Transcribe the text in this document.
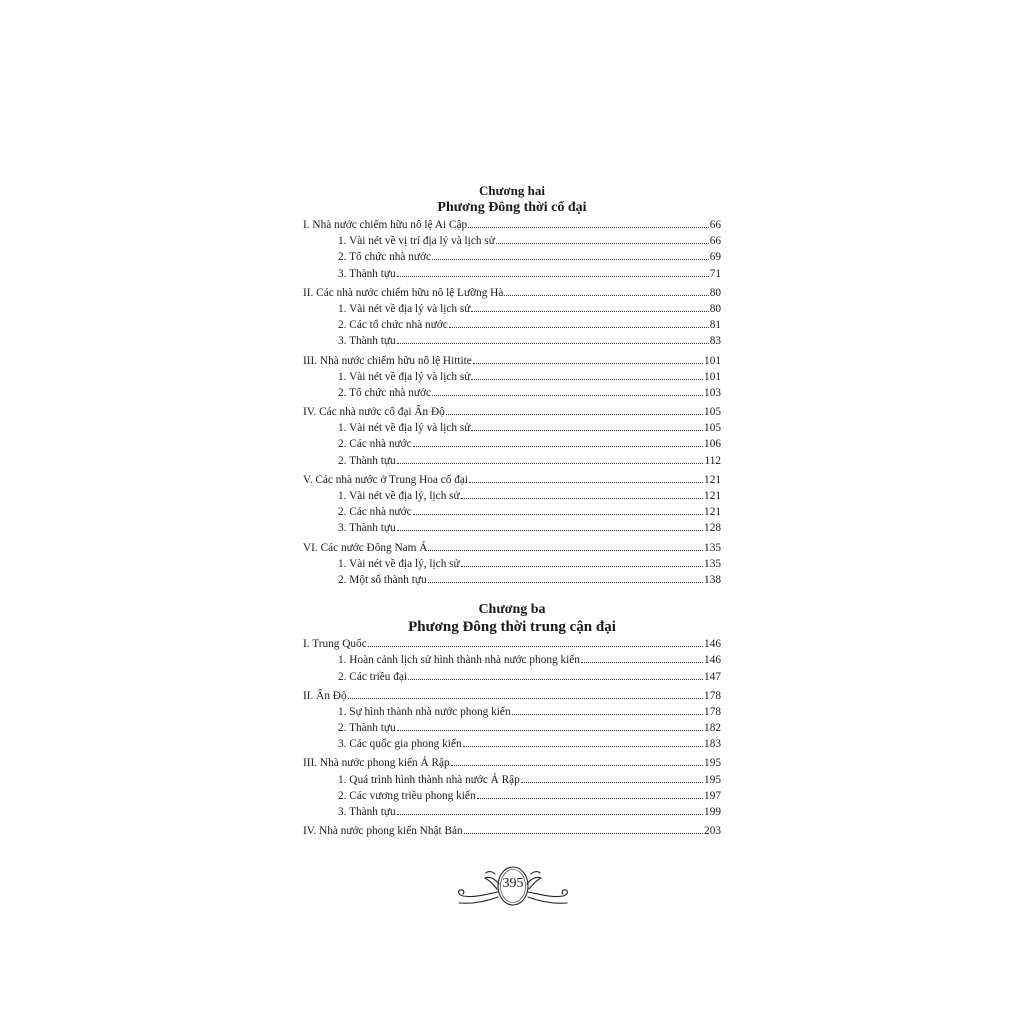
Chương hai
Phương Đông thời cổ đại
I. Nhà nước chiếm hữu nô lệ Ai Cập	66
1. Vài nét về vị trí địa lý và lịch sử	66
2. Tổ chức nhà nước	69
3. Thành tựu	71
II. Các nhà nước chiếm hữu nô lệ Lưỡng Hà	80
1. Vài nét về địa lý và lịch sử	80
2. Các tổ chức nhà nước	81
3. Thành tựu	83
III. Nhà nước chiếm hữu nô lệ Hittite	101
1. Vài nét về địa lý và lịch sử	101
2. Tổ chức nhà nước	103
IV. Các nhà nước cổ đại Ấn Độ	105
1. Vài nét về địa lý và lịch sử	105
2. Các nhà nước	106
2. Thành tựu	112
V. Các nhà nước ở Trung Hoa cổ đại	121
1. Vài nét về địa lý, lịch sử	121
2. Các nhà nước	121
3. Thành tựu	128
VI. Các nước Đông Nam Á	135
1. Vài nét về địa lý, lịch sử	135
2. Một số thành tựu	138
Chương ba
Phương Đông thời trung cận đại
I. Trung Quốc	146
1. Hoàn cảnh lịch sử hình thành nhà nước phong kiến	146
2. Các triều đại	147
II. Ấn Độ	178
1. Sự hình thành nhà nước phong kiến	178
2. Thành tựu	182
3. Các quốc gia phong kiến	183
III. Nhà nước phong kiến Ả Rập	195
1. Quá trình hình thành nhà nước Ả Rập	195
2. Các vương triều phong kiến	197
3. Thành tựu	199
IV. Nhà nước phong kiến Nhật Bản	203
395
